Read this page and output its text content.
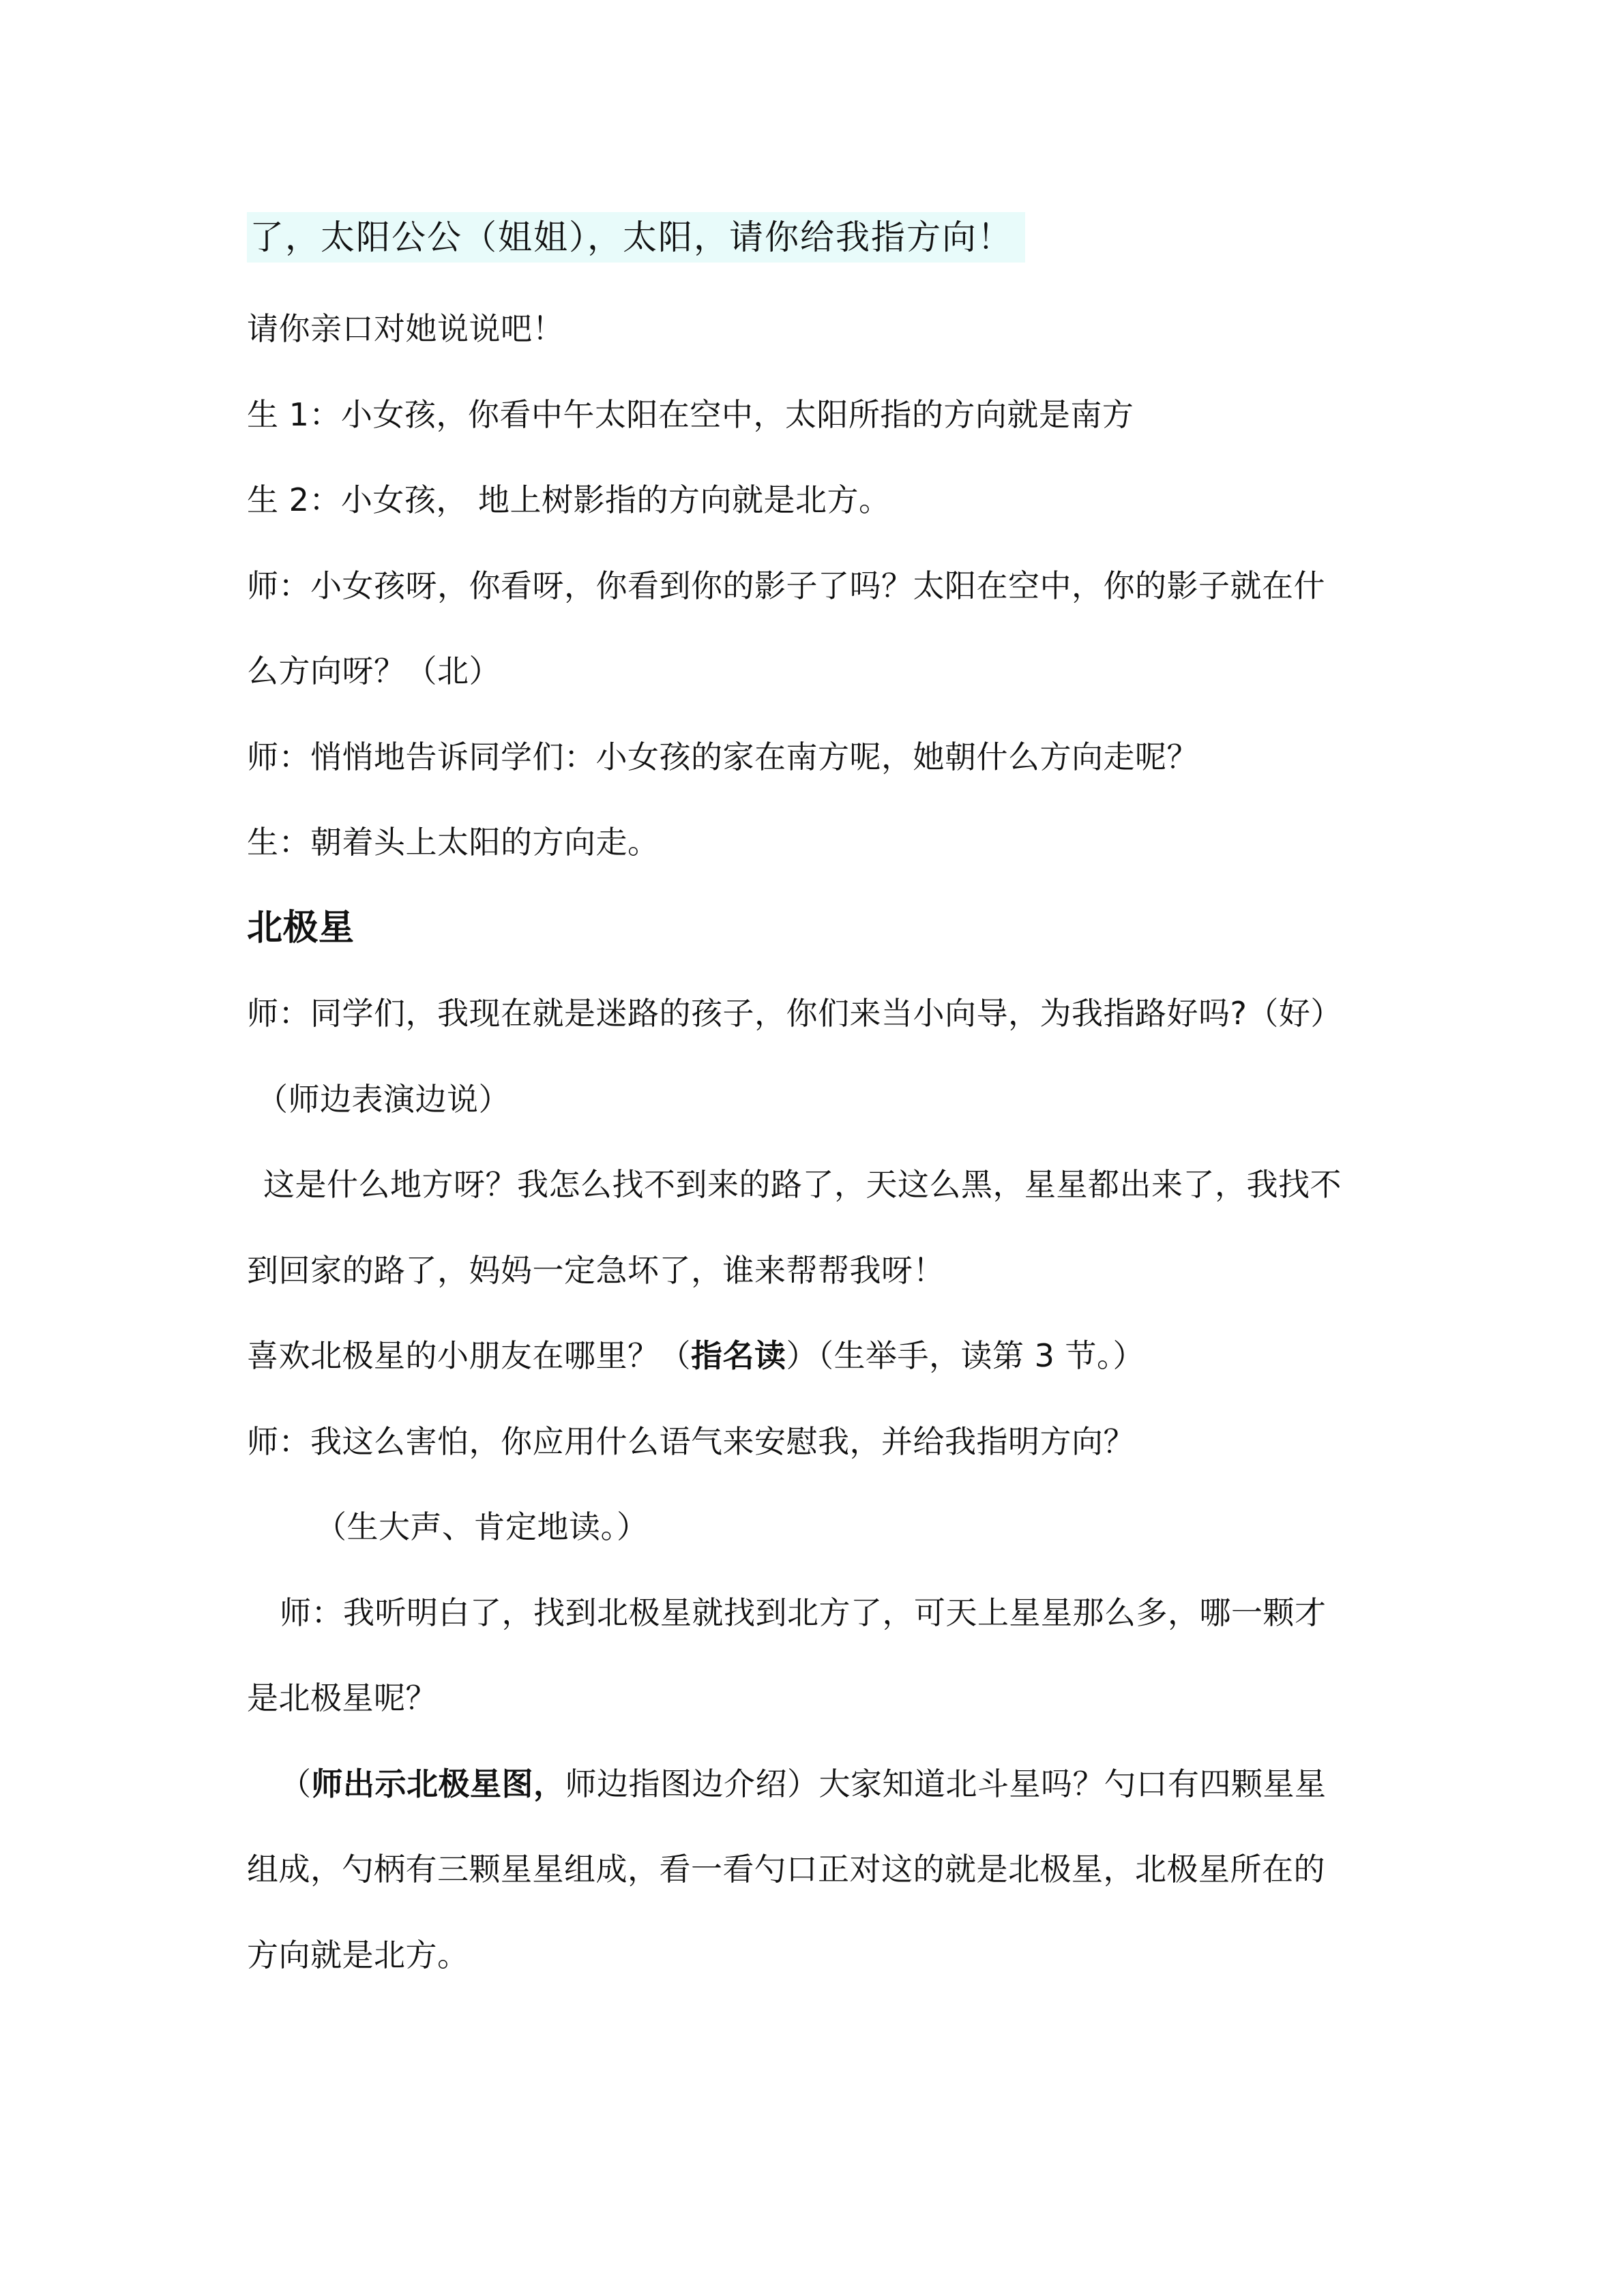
了，太阳公公（姐姐），太阳，请你给我指方向！
请你亲口对她说说吧！
生 1：小女孩，你看中午太阳在空中，太阳所指的方向就是南方
生 2：小女孩， 地上树影指的方向就是北方。
师：小女孩呀，你看呀，你看到你的影子了吗？太阳在空中，你的影子就在什
么方向呀？（北）
师：悄悄地告诉同学们：小女孩的家在南方呢，她朝什么方向走呢？
生：朝着头上太阳的方向走。
北极星
师：同学们，我现在就是迷路的孩子，你们来当小向导，为我指路好吗?（好）
（师边表演边说）
这是什么地方呀？我怎么找不到来的路了，天这么黑，星星都出来了，我找不
到回家的路了，妈妈一定急坏了，谁来帮帮我呀！
喜欢北极星的小朋友在哪里？（指名读）（生举手，读第 3 节。）
师：我这么害怕，你应用什么语气来安慰我，并给我指明方向？
（生大声、肯定地读。）
师：我听明白了，找到北极星就找到北方了，可天上星星那么多，哪一颗才
是北极星呢？
（师出示北极星图，师边指图边介绍）大家知道北斗星吗？勺口有四颗星星
组成，勺柄有三颗星星组成，看一看勺口正对这的就是北极星，北极星所在的
方向就是北方。
